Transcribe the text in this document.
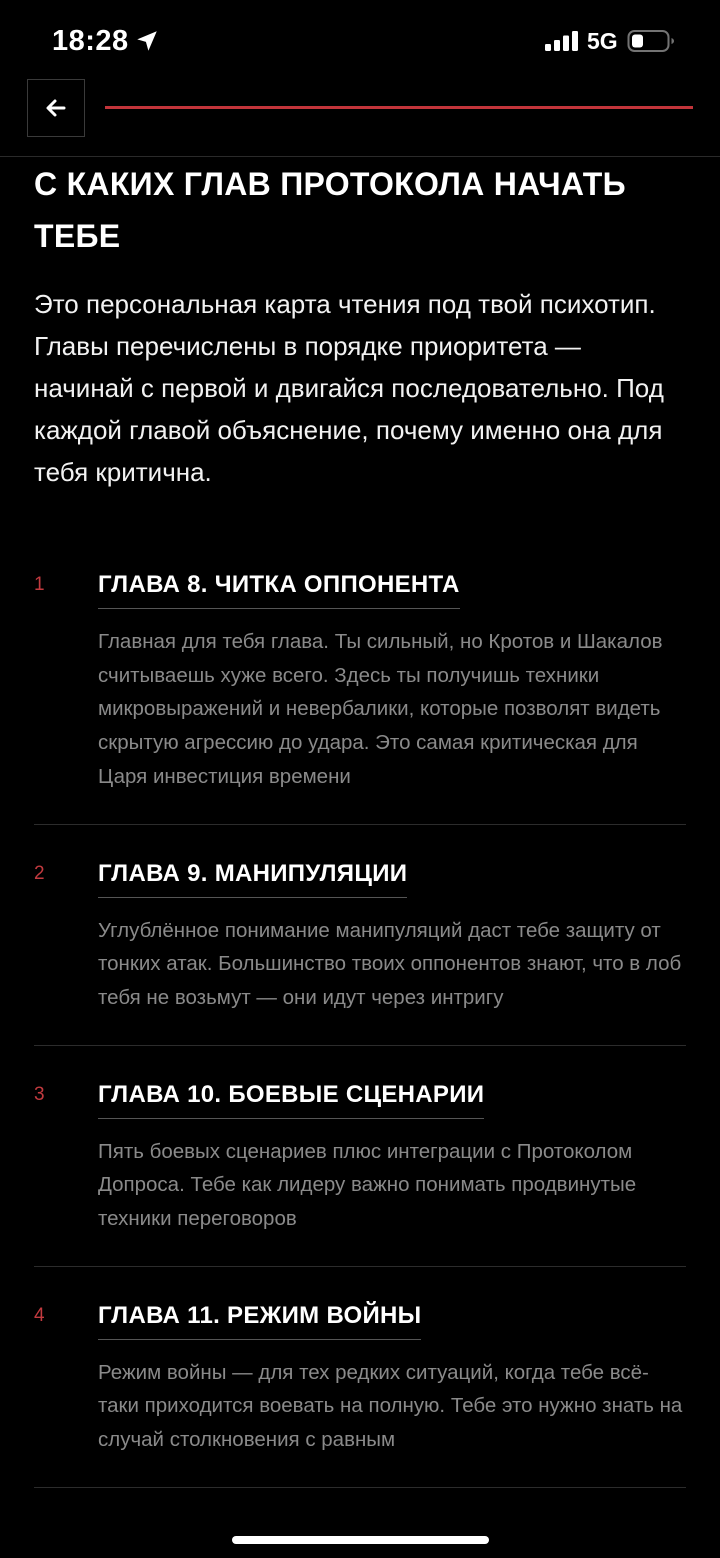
18:28	5G
С КАКИХ ГЛАВ ПРОТОКОЛА НАЧАТЬ ТЕБЕ

Это персональная карта чтения под твой психотип. Главы перечислены в порядке приоритета — начинай с первой и двигайся последовательно. Под каждой главой объяснение, почему именно она для тебя критична.

1 ГЛАВА 8. ЧИТКА ОППОНЕНТА

Главная для тебя глава. Ты сильный, но Кротов и Шакалов считываешь хуже всего. Здесь ты получишь техники микровыражений и невербалики, которые позволят видеть скрытую агрессию до удара. Это самая критическая для Царя инвестиция времени

2 ГЛАВА 9. МАНИПУЛЯЦИИ

Углублённое понимание манипуляций даст тебе защиту от тонких атак. Большинство твоих оппонентов знают, что в лоб тебя не возьмут — они идут через интригу

3 ГЛАВА 10. БОЕВЫЕ СЦЕНАРИИ

Пять боевых сценариев плюс интеграции с Протоколом Допроса. Тебе как лидеру важно понимать продвинутые техники переговоров

4 ГЛАВА 11. РЕЖИМ ВОЙНЫ

Режим войны — для тех редких ситуаций, когда тебе всё-таки приходится воевать на полную. Тебе это нужно знать на случай столкновения с равным
